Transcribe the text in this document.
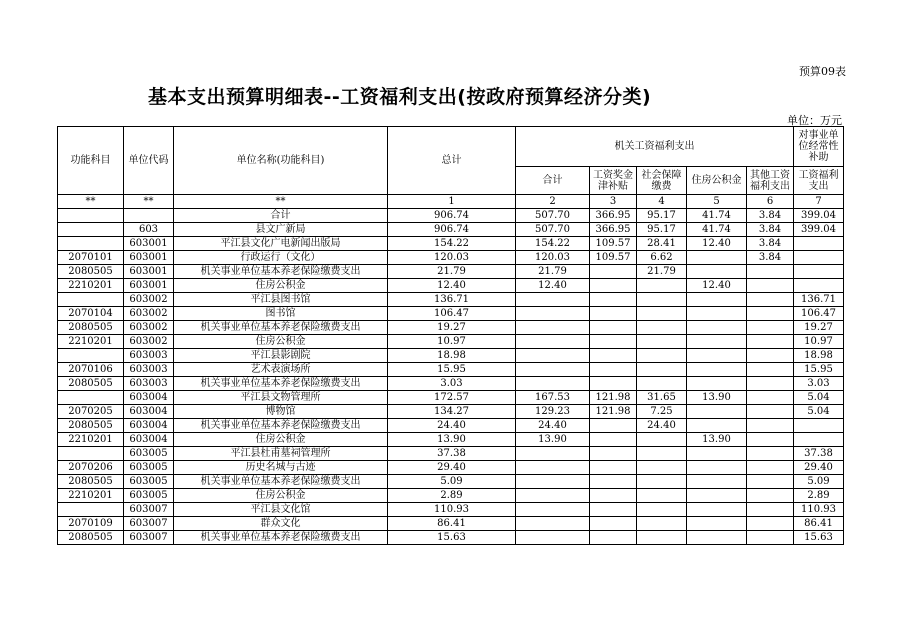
预算09表
基本支出预算明细表--工资福利支出(按政府预算经济分类)
单位：万元
功能科目	单位代码	单位名称(功能科目)	总计	机关工资福利支出					对事业单位经常性补助
				合计	工资奖金津补贴	社会保障缴费	住房公积金	其他工资福利支出	工资福利支出
**	**	**	1	2	3	4	5	6	7
		合计	906.74	507.70	366.95	95.17	41.74	3.84	399.04
	603	县文广新局	906.74	507.70	366.95	95.17	41.74	3.84	399.04
	603001	平江县文化广电新闻出版局	154.22	154.22	109.57	28.41	12.40	3.84	
2070101	603001	行政运行（文化）	120.03	120.03	109.57	6.62		3.84	
2080505	603001	机关事业单位基本养老保险缴费支出	21.79	21.79		21.79			
2210201	603001	住房公积金	12.40	12.40			12.40		
	603002	平江县图书馆	136.71						136.71
2070104	603002	图书馆	106.47						106.47
2080505	603002	机关事业单位基本养老保险缴费支出	19.27						19.27
2210201	603002	住房公积金	10.97						10.97
	603003	平江县影剧院	18.98						18.98
2070106	603003	艺术表演场所	15.95						15.95
2080505	603003	机关事业单位基本养老保险缴费支出	3.03						3.03
	603004	平江县文物管理所	172.57	167.53	121.98	31.65	13.90		5.04
2070205	603004	博物馆	134.27	129.23	121.98	7.25			5.04
2080505	603004	机关事业单位基本养老保险缴费支出	24.40	24.40		24.40			
2210201	603004	住房公积金	13.90	13.90			13.90		
	603005	平江县杜甫墓祠管理所	37.38						37.38
2070206	603005	历史名城与古迹	29.40						29.40
2080505	603005	机关事业单位基本养老保险缴费支出	5.09						5.09
2210201	603005	住房公积金	2.89						2.89
	603007	平江县文化馆	110.93						110.93
2070109	603007	群众文化	86.41						86.41
2080505	603007	机关事业单位基本养老保险缴费支出	15.63						15.63
